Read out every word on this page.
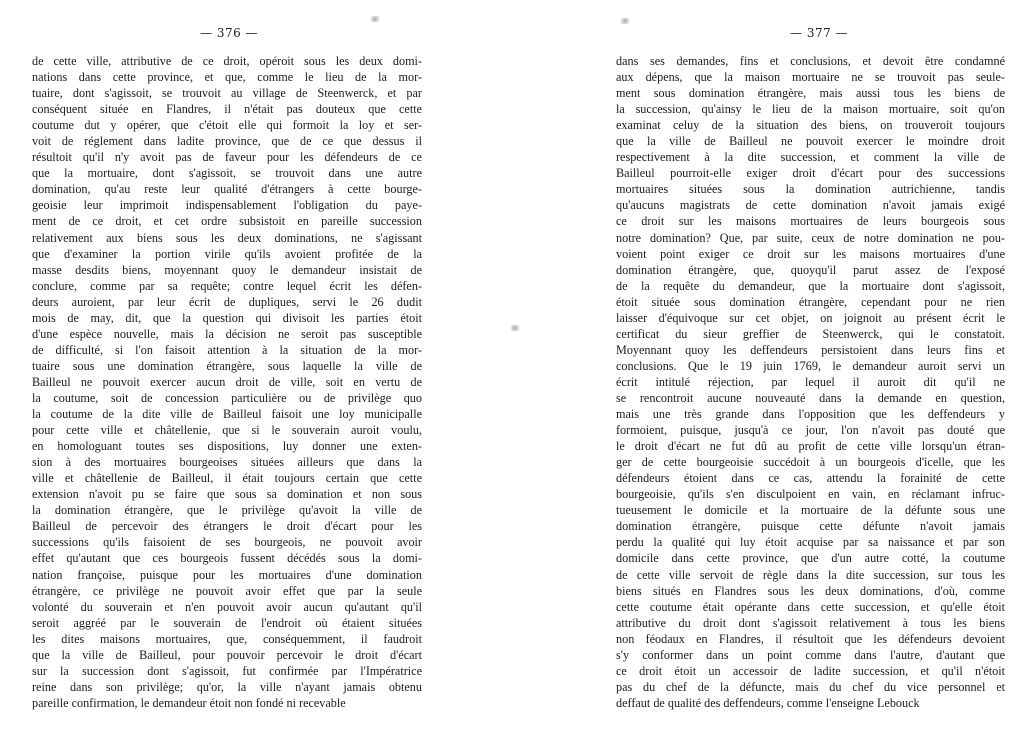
— 376 —
de cette ville, attributive de ce droit, opéroit sous les deux domi-
nations dans cette province, et que, comme le lieu de la mor-
tuaire, dont s'agissoit, se trouvoit au village de Steenwerck, et par
conséquent située en Flandres, il n'était pas douteux que cette
coutume dut y opérer, que c'étoit elle qui formoit la loy et ser-
voit de réglement dans ladite province, que de ce que dessus il
résultoit qu'il n'y avoit pas de faveur pour les défendeurs de ce
que la mortuaire, dont s'agissoit, se trouvoit dans une autre
domination, qu'au reste leur qualité d'étrangers à cette bourge-
geoisie leur imprimoit indispensablement l'obligation du paye-
ment de ce droit, et cet ordre subsistoit en pareille succession
relativement aux biens sous les deux dominations, ne s'agissant
que d'examiner la portion virile qu'ils avoient profitée de la
masse desdits biens, moyennant quoy le demandeur insistait de
conclure, comme par sa requête; contre lequel écrit les défen-
deurs auroient, par leur écrit de dupliques, servi le 26 dudit
mois de may, dit, que la question qui divisoit les parties étoit
d'une espèce nouvelle, mais la décision ne seroit pas susceptible
de difficulté, si l'on faisoit attention à la situation de la mor-
tuaire sous une domination étrangère, sous laquelle la ville de
Bailleul ne pouvoit exercer aucun droit de ville, soit en vertu de
la coutume, soit de concession particulière ou de privilège quo
la coutume de la dite ville de Bailleul faisoit une loy municipalle
pour cette ville et châtellenie, que si le souverain auroit voulu,
en homologuant toutes ses dispositions, luy donner une exten-
sion à des mortuaires bourgeoises situées ailleurs que dans la
ville et châtellenie de Bailleul, il était toujours certain que cette
extension n'avoit pu se faire que sous sa domination et non sous
la domination étrangère, que le privilège qu'avoit la ville de
Bailleul de percevoir des étrangers le droit d'écart pour les
successions qu'ils faisoient de ses bourgeois, ne pouvoit avoir
effet qu'autant que ces bourgeois fussent décédés sous la domi-
nation françoise, puisque pour les mortuaires d'une domination
étrangère, ce privilège ne pouvoit avoir effet que par la seule
volonté du souverain et n'en pouvoit avoir aucun qu'autant qu'il
seroit aggréé par le souverain de l'endroit où étaient situées
les dites maisons mortuaires, que, conséquemment, il faudroit
que la ville de Bailleul, pour pouvoir percevoir le droit d'écart
sur la succession dont s'agissoit, fut confirmée par l'Impératrice
reine dans son privilège; qu'or, la ville n'ayant jamais obtenu
pareille confirmation, le demandeur étoit non fondé ni recevable
— 377 —
dans ses demandes, fins et conclusions, et devoit être condamné
aux dépens, que la maison mortuaire ne se trouvoit pas seule-
ment sous domination étrangère, mais aussi tous les biens de
la succession, qu'ainsy le lieu de la maison mortuaire, soit qu'on
examinat celuy de la situation des biens, on trouveroit toujours
que la ville de Bailleul ne pouvoit exercer le moindre droit
respectivement à la dite succession, et comment la ville de
Bailleul pourroit-elle exiger droit d'écart pour des successions
mortuaires situées sous la domination autrichienne, tandis
qu'aucuns magistrats de cette domination n'avoit jamais exigé
ce droit sur les maisons mortuaires de leurs bourgeois sous
notre domination? Que, par suite, ceux de notre domination ne pou-
voient point exiger ce droit sur les maisons mortuaires d'une
domination étrangère, que, quoyqu'il parut assez de l'exposé
de la requête du demandeur, que la mortuaire dont s'agissoit,
étoit située sous domination étrangère, cependant pour ne rien
laisser d'équivoque sur cet objet, on joignoit au présent écrit le
certificat du sieur greffier de Steenwerck, qui le constatoit.
Moyennant quoy les deffendeurs persistoient dans leurs fins et
conclusions. Que le 19 juin 1769, le demandeur auroit servi un
écrit intitulé réjection, par lequel il auroit dit qu'il ne
se rencontroit aucune nouveauté dans la demande en question,
mais une très grande dans l'opposition que les deffendeurs y
formoient, puisque, jusqu'à ce jour, l'on n'avoit pas douté que
le droit d'écart ne fut dû au profit de cette ville lorsqu'un étran-
ger de cette bourgeoisie succédoit à un bourgeois d'icelle, que les
défendeurs étoient dans ce cas, attendu la forainité de cette
bourgeoisie, qu'ils s'en disculpoient en vain, en réclamant infruc-
tueusement le domicile et la mortuaire de la défunte sous une
domination étrangère, puisque cette défunte n'avoit jamais
perdu la qualité qui luy étoit acquise par sa naissance et par son
domicile dans cette province, que d'un autre cotté, la coutume
de cette ville servoit de règle dans la dite succession, sur tous les
biens situés en Flandres sous les deux dominations, d'où, comme
cette coutume était opérante dans cette succession, et qu'elle étoit
attributive du droit dont s'agissoit relativement à tous les biens
non féodaux en Flandres, il résultoit que les défendeurs devoient
s'y conformer dans un point comme dans l'autre, d'autant que
ce droit étoit un accessoir de ladite succession, et qu'il n'étoit
pas du chef de la défuncte, mais du chef du vice personnel et
deffaut de qualité des deffendeurs, comme l'enseigne Lebouck
